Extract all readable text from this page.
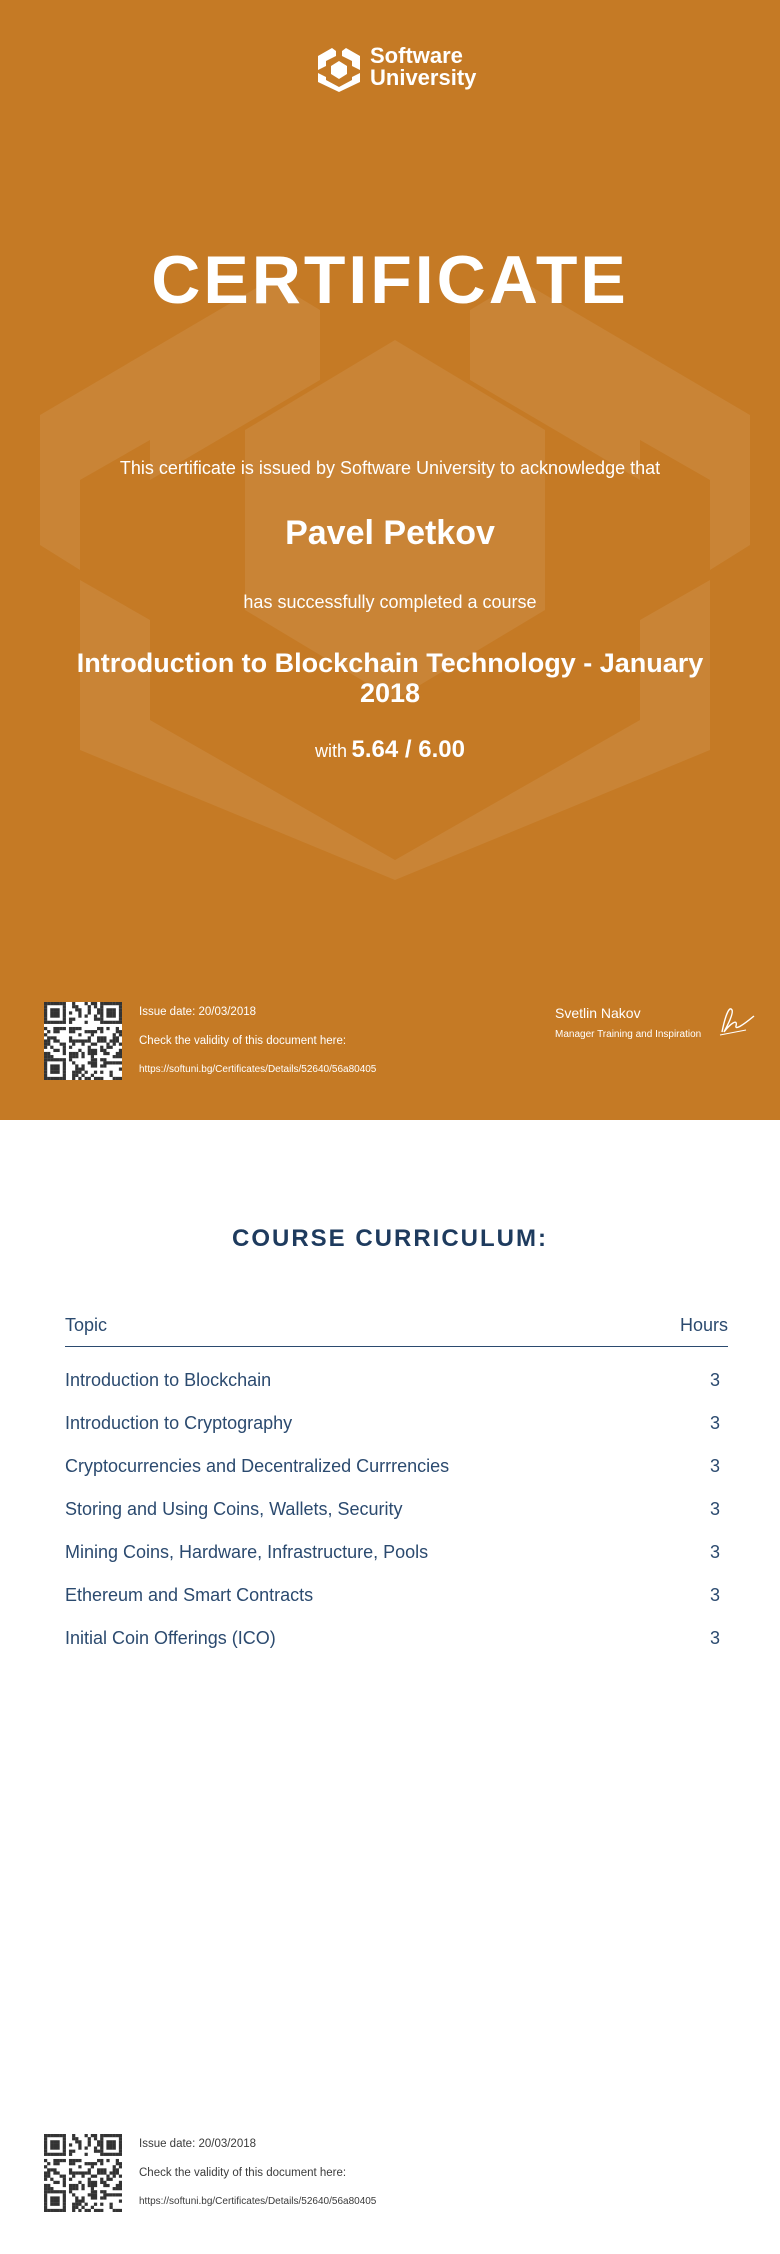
Software
University
CERTIFICATE
This certificate is issued by Software University to acknowledge that
Pavel Petkov
has successfully completed a course
Introduction to Blockchain Technology - January 2018
with 5.64 / 6.00
Issue date: 20/03/2018
Check the validity of this document here:
https://softuni.bg/Certificates/Details/52640/56a80405
Svetlin Nakov
Manager Training and Inspiration
COURSE CURRICULUM:
Topic	Hours
Introduction to Blockchain	3
Introduction to Cryptography	3
Cryptocurrencies and Decentralized Currrencies	3
Storing and Using Coins, Wallets, Security	3
Mining Coins, Hardware, Infrastructure, Pools	3
Ethereum and Smart Contracts	3
Initial Coin Offerings (ICO)	3
Issue date: 20/03/2018
Check the validity of this document here:
https://softuni.bg/Certificates/Details/52640/56a80405
